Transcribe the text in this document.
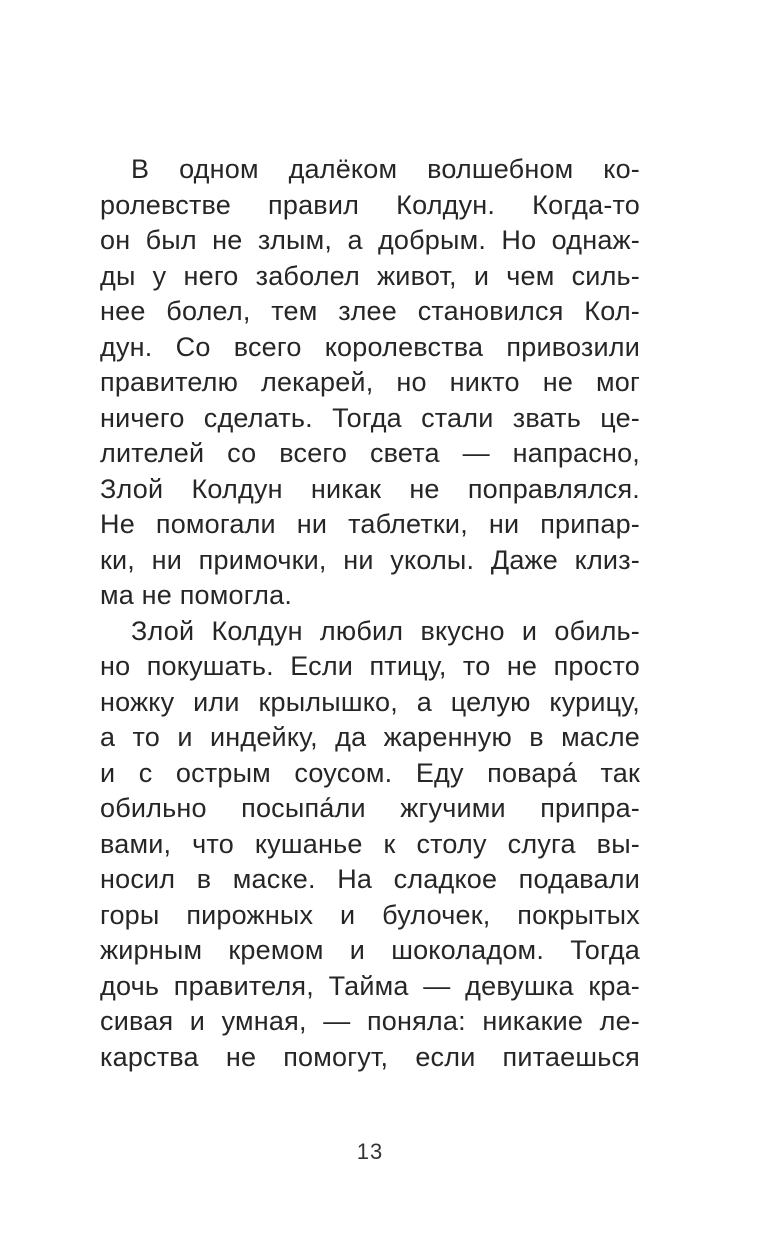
В одном далёком волшебном ко-
ролевстве правил Колдун. Когда-то
он был не злым, а добрым. Но однаж-
ды у него заболел живот, и чем силь-
нее болел, тем злее становился Кол-
дун. Со всего королевства привозили
правителю лекарей, но никто не мог
ничего сделать. Тогда стали звать це-
лителей со всего света — напрасно,
Злой Колдун никак не поправлялся.
Не помогали ни таблетки, ни припар-
ки, ни примочки, ни уколы. Даже клиз-
ма не помогла.
Злой Колдун любил вкусно и обиль-
но покушать. Если птицу, то не просто
ножку или крылышко, а целую курицу,
а то и индейку, да жаренную в масле
и с острым соусом. Еду повара́ так
обильно посыпа́ли жгучими припра-
вами, что кушанье к столу слуга вы-
носил в маске. На сладкое подавали
горы пирожных и булочек, покрытых
жирным кремом и шоколадом. Тогда
дочь правителя, Тайма — девушка кра-
сивая и умная, — поняла: никакие ле-
карства не помогут, если питаешься
13
